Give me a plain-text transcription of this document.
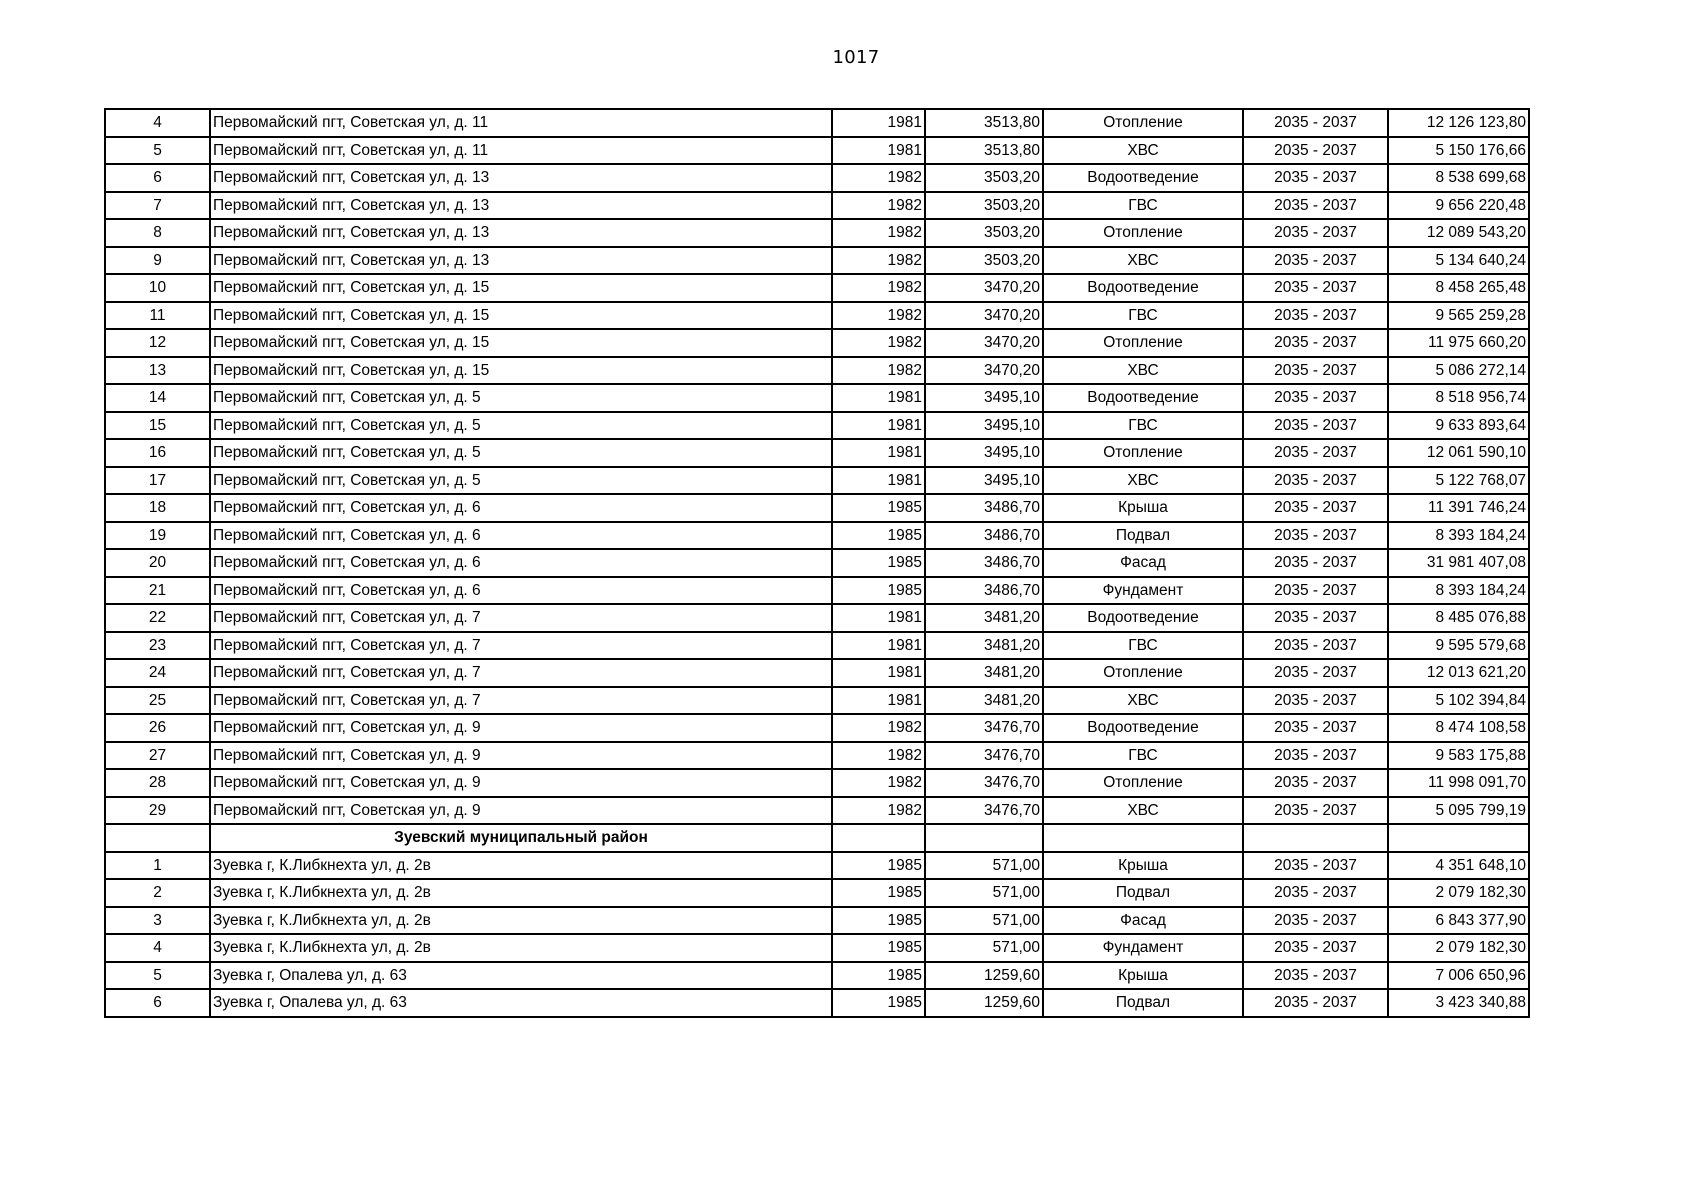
1017
4	Первомайский пгт, Советская ул, д. 11	1981	3513,80	Отопление	2035 - 2037	12 126 123,80
5	Первомайский пгт, Советская ул, д. 11	1981	3513,80	ХВС	2035 - 2037	5 150 176,66
6	Первомайский пгт, Советская ул, д. 13	1982	3503,20	Водоотведение	2035 - 2037	8 538 699,68
7	Первомайский пгт, Советская ул, д. 13	1982	3503,20	ГВС	2035 - 2037	9 656 220,48
8	Первомайский пгт, Советская ул, д. 13	1982	3503,20	Отопление	2035 - 2037	12 089 543,20
9	Первомайский пгт, Советская ул, д. 13	1982	3503,20	ХВС	2035 - 2037	5 134 640,24
10	Первомайский пгт, Советская ул, д. 15	1982	3470,20	Водоотведение	2035 - 2037	8 458 265,48
11	Первомайский пгт, Советская ул, д. 15	1982	3470,20	ГВС	2035 - 2037	9 565 259,28
12	Первомайский пгт, Советская ул, д. 15	1982	3470,20	Отопление	2035 - 2037	11 975 660,20
13	Первомайский пгт, Советская ул, д. 15	1982	3470,20	ХВС	2035 - 2037	5 086 272,14
14	Первомайский пгт, Советская ул, д. 5	1981	3495,10	Водоотведение	2035 - 2037	8 518 956,74
15	Первомайский пгт, Советская ул, д. 5	1981	3495,10	ГВС	2035 - 2037	9 633 893,64
16	Первомайский пгт, Советская ул, д. 5	1981	3495,10	Отопление	2035 - 2037	12 061 590,10
17	Первомайский пгт, Советская ул, д. 5	1981	3495,10	ХВС	2035 - 2037	5 122 768,07
18	Первомайский пгт, Советская ул, д. 6	1985	3486,70	Крыша	2035 - 2037	11 391 746,24
19	Первомайский пгт, Советская ул, д. 6	1985	3486,70	Подвал	2035 - 2037	8 393 184,24
20	Первомайский пгт, Советская ул, д. 6	1985	3486,70	Фасад	2035 - 2037	31 981 407,08
21	Первомайский пгт, Советская ул, д. 6	1985	3486,70	Фундамент	2035 - 2037	8 393 184,24
22	Первомайский пгт, Советская ул, д. 7	1981	3481,20	Водоотведение	2035 - 2037	8 485 076,88
23	Первомайский пгт, Советская ул, д. 7	1981	3481,20	ГВС	2035 - 2037	9 595 579,68
24	Первомайский пгт, Советская ул, д. 7	1981	3481,20	Отопление	2035 - 2037	12 013 621,20
25	Первомайский пгт, Советская ул, д. 7	1981	3481,20	ХВС	2035 - 2037	5 102 394,84
26	Первомайский пгт, Советская ул, д. 9	1982	3476,70	Водоотведение	2035 - 2037	8 474 108,58
27	Первомайский пгт, Советская ул, д. 9	1982	3476,70	ГВС	2035 - 2037	9 583 175,88
28	Первомайский пгт, Советская ул, д. 9	1982	3476,70	Отопление	2035 - 2037	11 998 091,70
29	Первомайский пгт, Советская ул, д. 9	1982	3476,70	ХВС	2035 - 2037	5 095 799,19
	Зуевский муниципальный район					
1	Зуевка г, К.Либкнехта ул, д. 2в	1985	571,00	Крыша	2035 - 2037	4 351 648,10
2	Зуевка г, К.Либкнехта ул, д. 2в	1985	571,00	Подвал	2035 - 2037	2 079 182,30
3	Зуевка г, К.Либкнехта ул, д. 2в	1985	571,00	Фасад	2035 - 2037	6 843 377,90
4	Зуевка г, К.Либкнехта ул, д. 2в	1985	571,00	Фундамент	2035 - 2037	2 079 182,30
5	Зуевка г, Опалева ул, д. 63	1985	1259,60	Крыша	2035 - 2037	7 006 650,96
6	Зуевка г, Опалева ул, д. 63	1985	1259,60	Подвал	2035 - 2037	3 423 340,88
